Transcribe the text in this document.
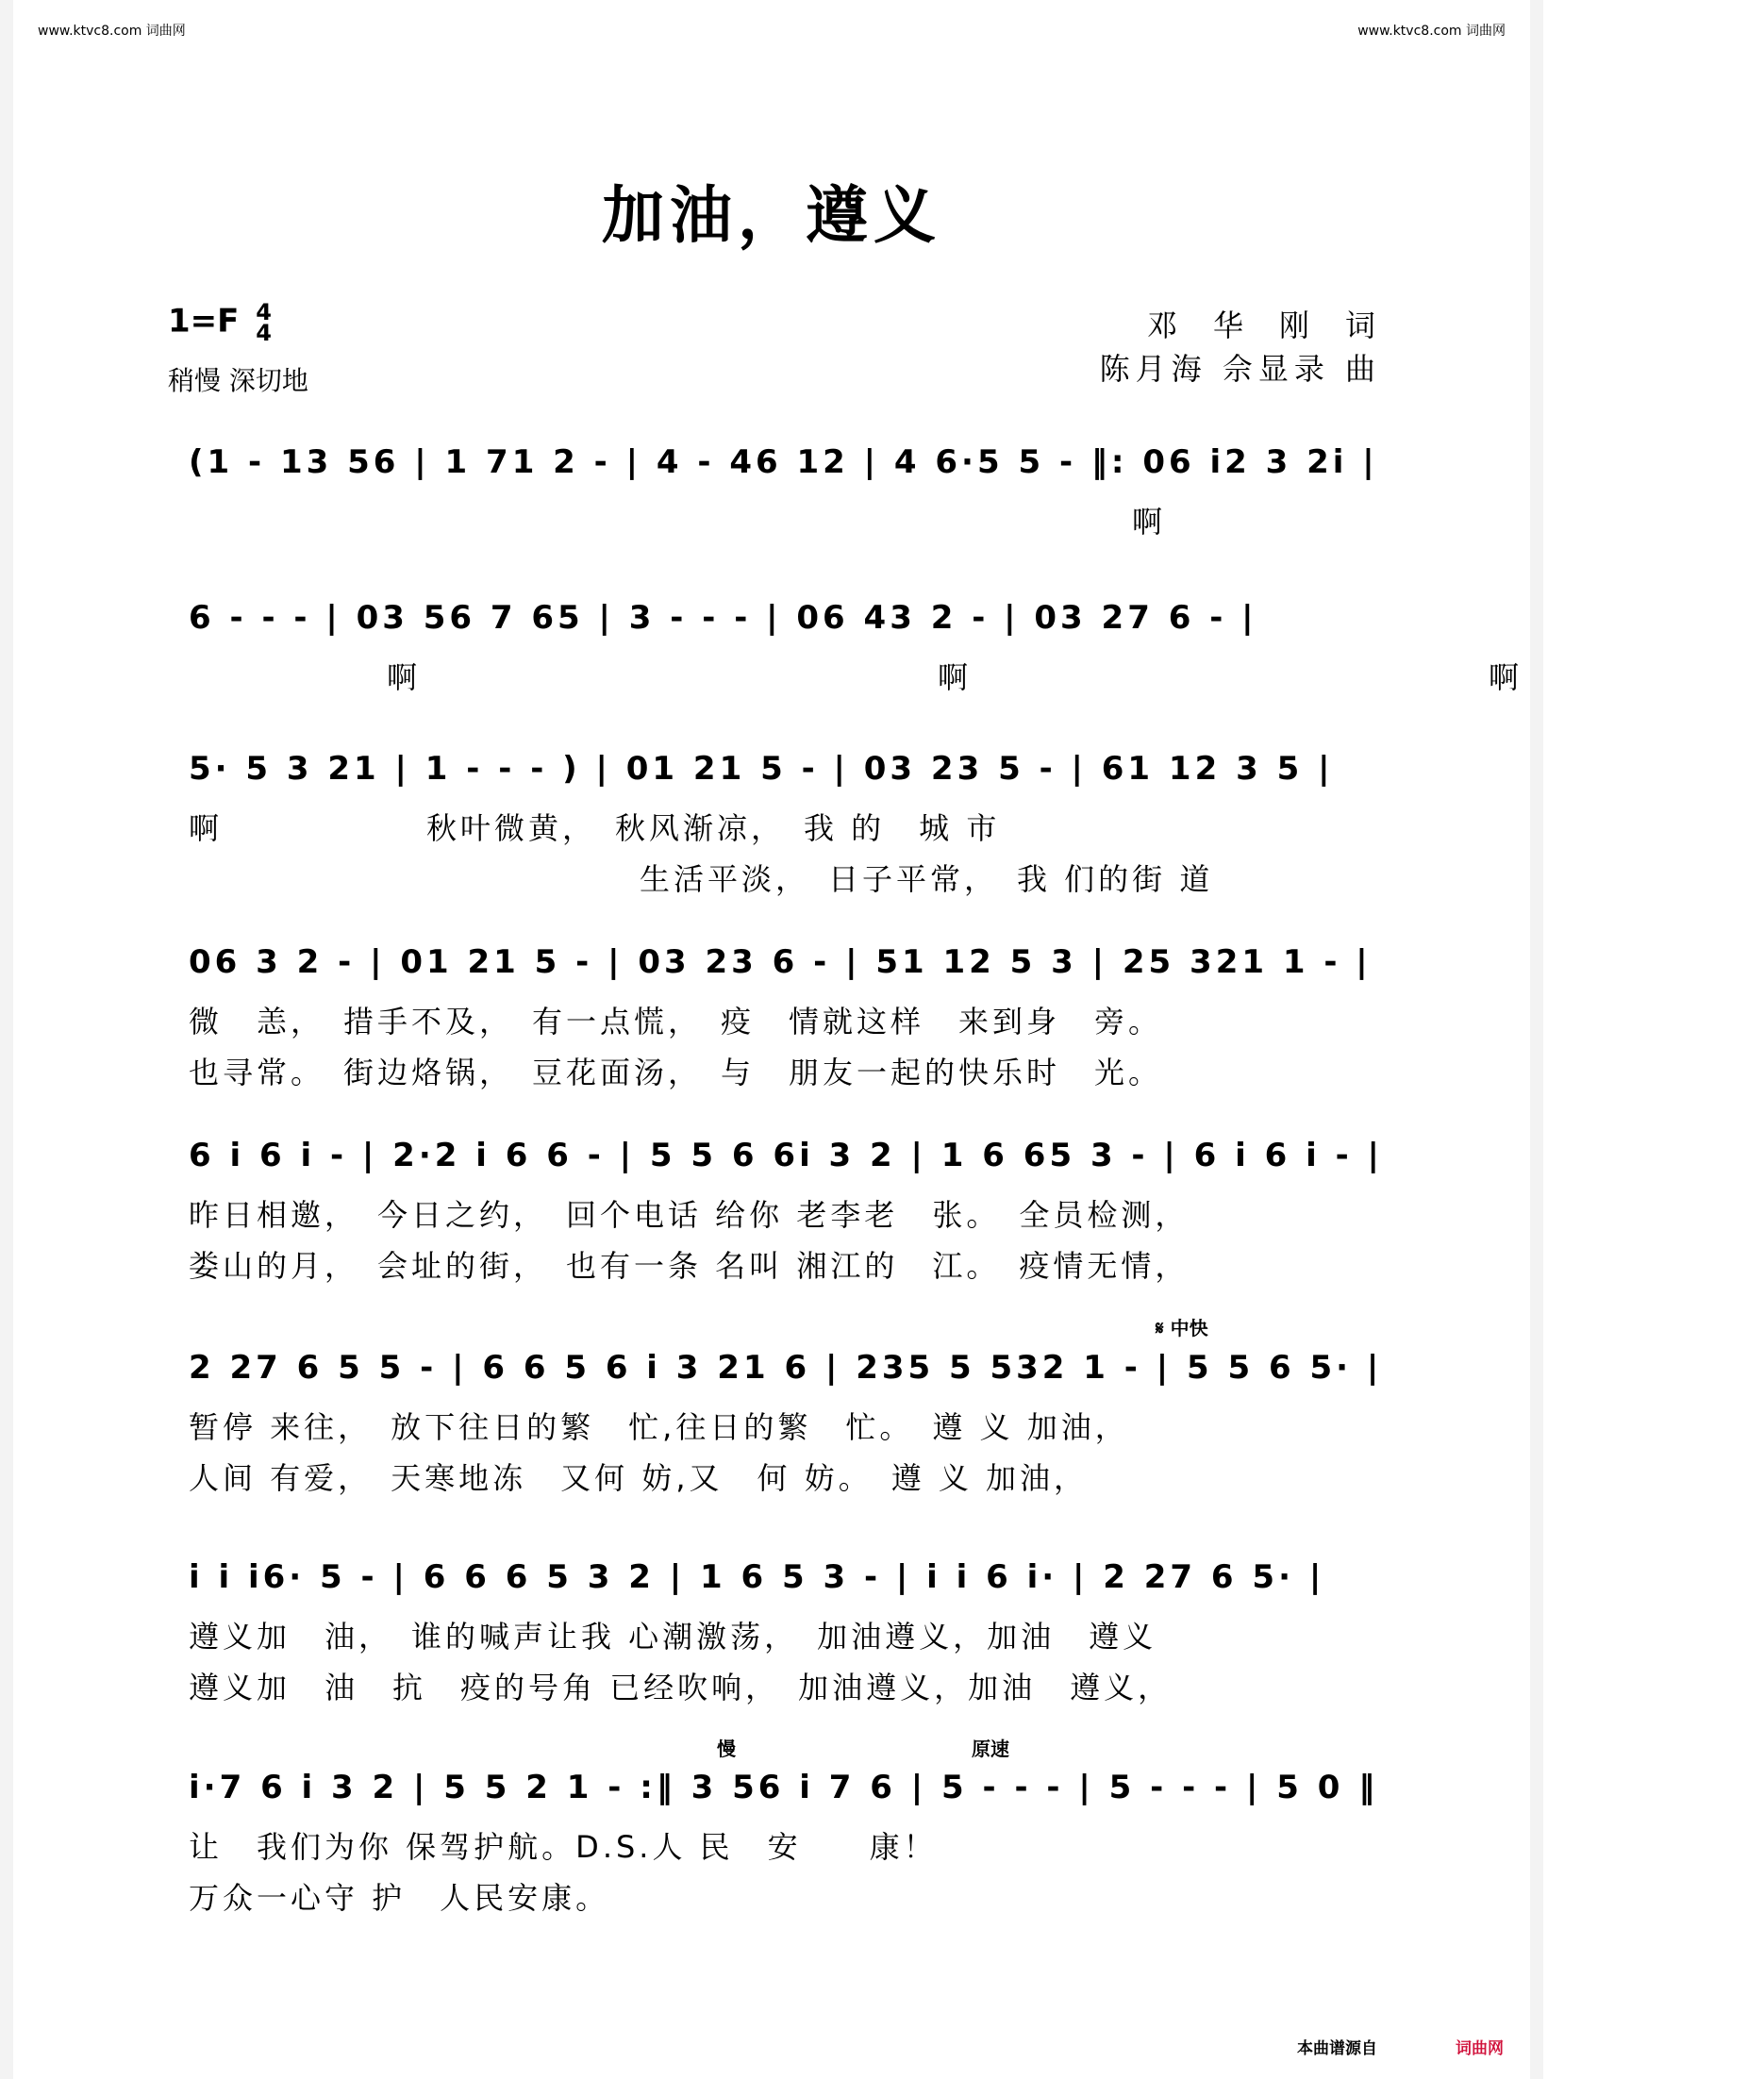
www.ktvc8.com 词曲网	www.ktvc8.com 词曲网
加油，遵义
1=F 4
4
稍慢 深切地
邓华刚词
陈月海 佘显录 曲
𝄋 中快
慢	原速
(1 - 13 56 | 1 71 2 - | 4 - 46 12 | 4 6·5 5 - ‖: 06 i2 3 2i |
啊
6 - - - | 03 56 7 65 | 3 - - - | 06 43 2 - | 03 27 6 - |
啊　啊　啊
5· 5 3 21 | 1 - - - ) | 01 21 5 - | 03 23 5 - | 61 12 3 5 |
啊　　　　　　秋叶微黄，　秋风渐凉，　我 的　城 市
生活平淡，　日子平常，　我 们的街 道
06 3 2 - | 01 21 5 - | 03 23 6 - | 51 12 5 3 | 25 321 1 - |
微　恙，　措手不及，　有一点慌，　疫　情就这样　来到身　旁。
也寻常。　街边烙锅，　豆花面汤，　与　朋友一起的快乐时　光。
6 i 6 i - | 2·2 i 6 6 - | 5 5 6 6i 3 2 | 1 6 65 3 - | 6 i 6 i - |
昨日相邀，　今日之约，　回个电话 给你 老李老　张。　全员检测，
娄山的月，　会址的街，　也有一条 名叫 湘江的　江。　疫情无情，
2 27 6 5 5 - | 6 6 5 6 i 3 21 6 | 235 5 532 1 - | 5 5 6 5· |
暂停 来往，　放下往日的繁　忙,往日的繁　忙。　遵 义 加油，
人间 有爱，　天寒地冻　又何 妨,又　何 妨。　遵 义 加油，
i i i6· 5 - | 6 6 6 5 3 2 | 1 6 5 3 - | i i 6 i· | 2 27 6 5· |
遵义加　油，　谁的喊声让我 心潮激荡，　加油遵义，加油　遵义
遵义加　油　抗　疫的号角 已经吹响，　加油遵义，加油　遵义，
i·7 6 i 3 2 | 5 5 2 1 - :‖ 3 56 i 7 6 | 5 - - - | 5 - - - | 5 0 ‖
让　我们为你 保驾护航。D.S.人 民　安　　康！
万众一心守 护　人民安康。
本曲谱源自	词曲网
